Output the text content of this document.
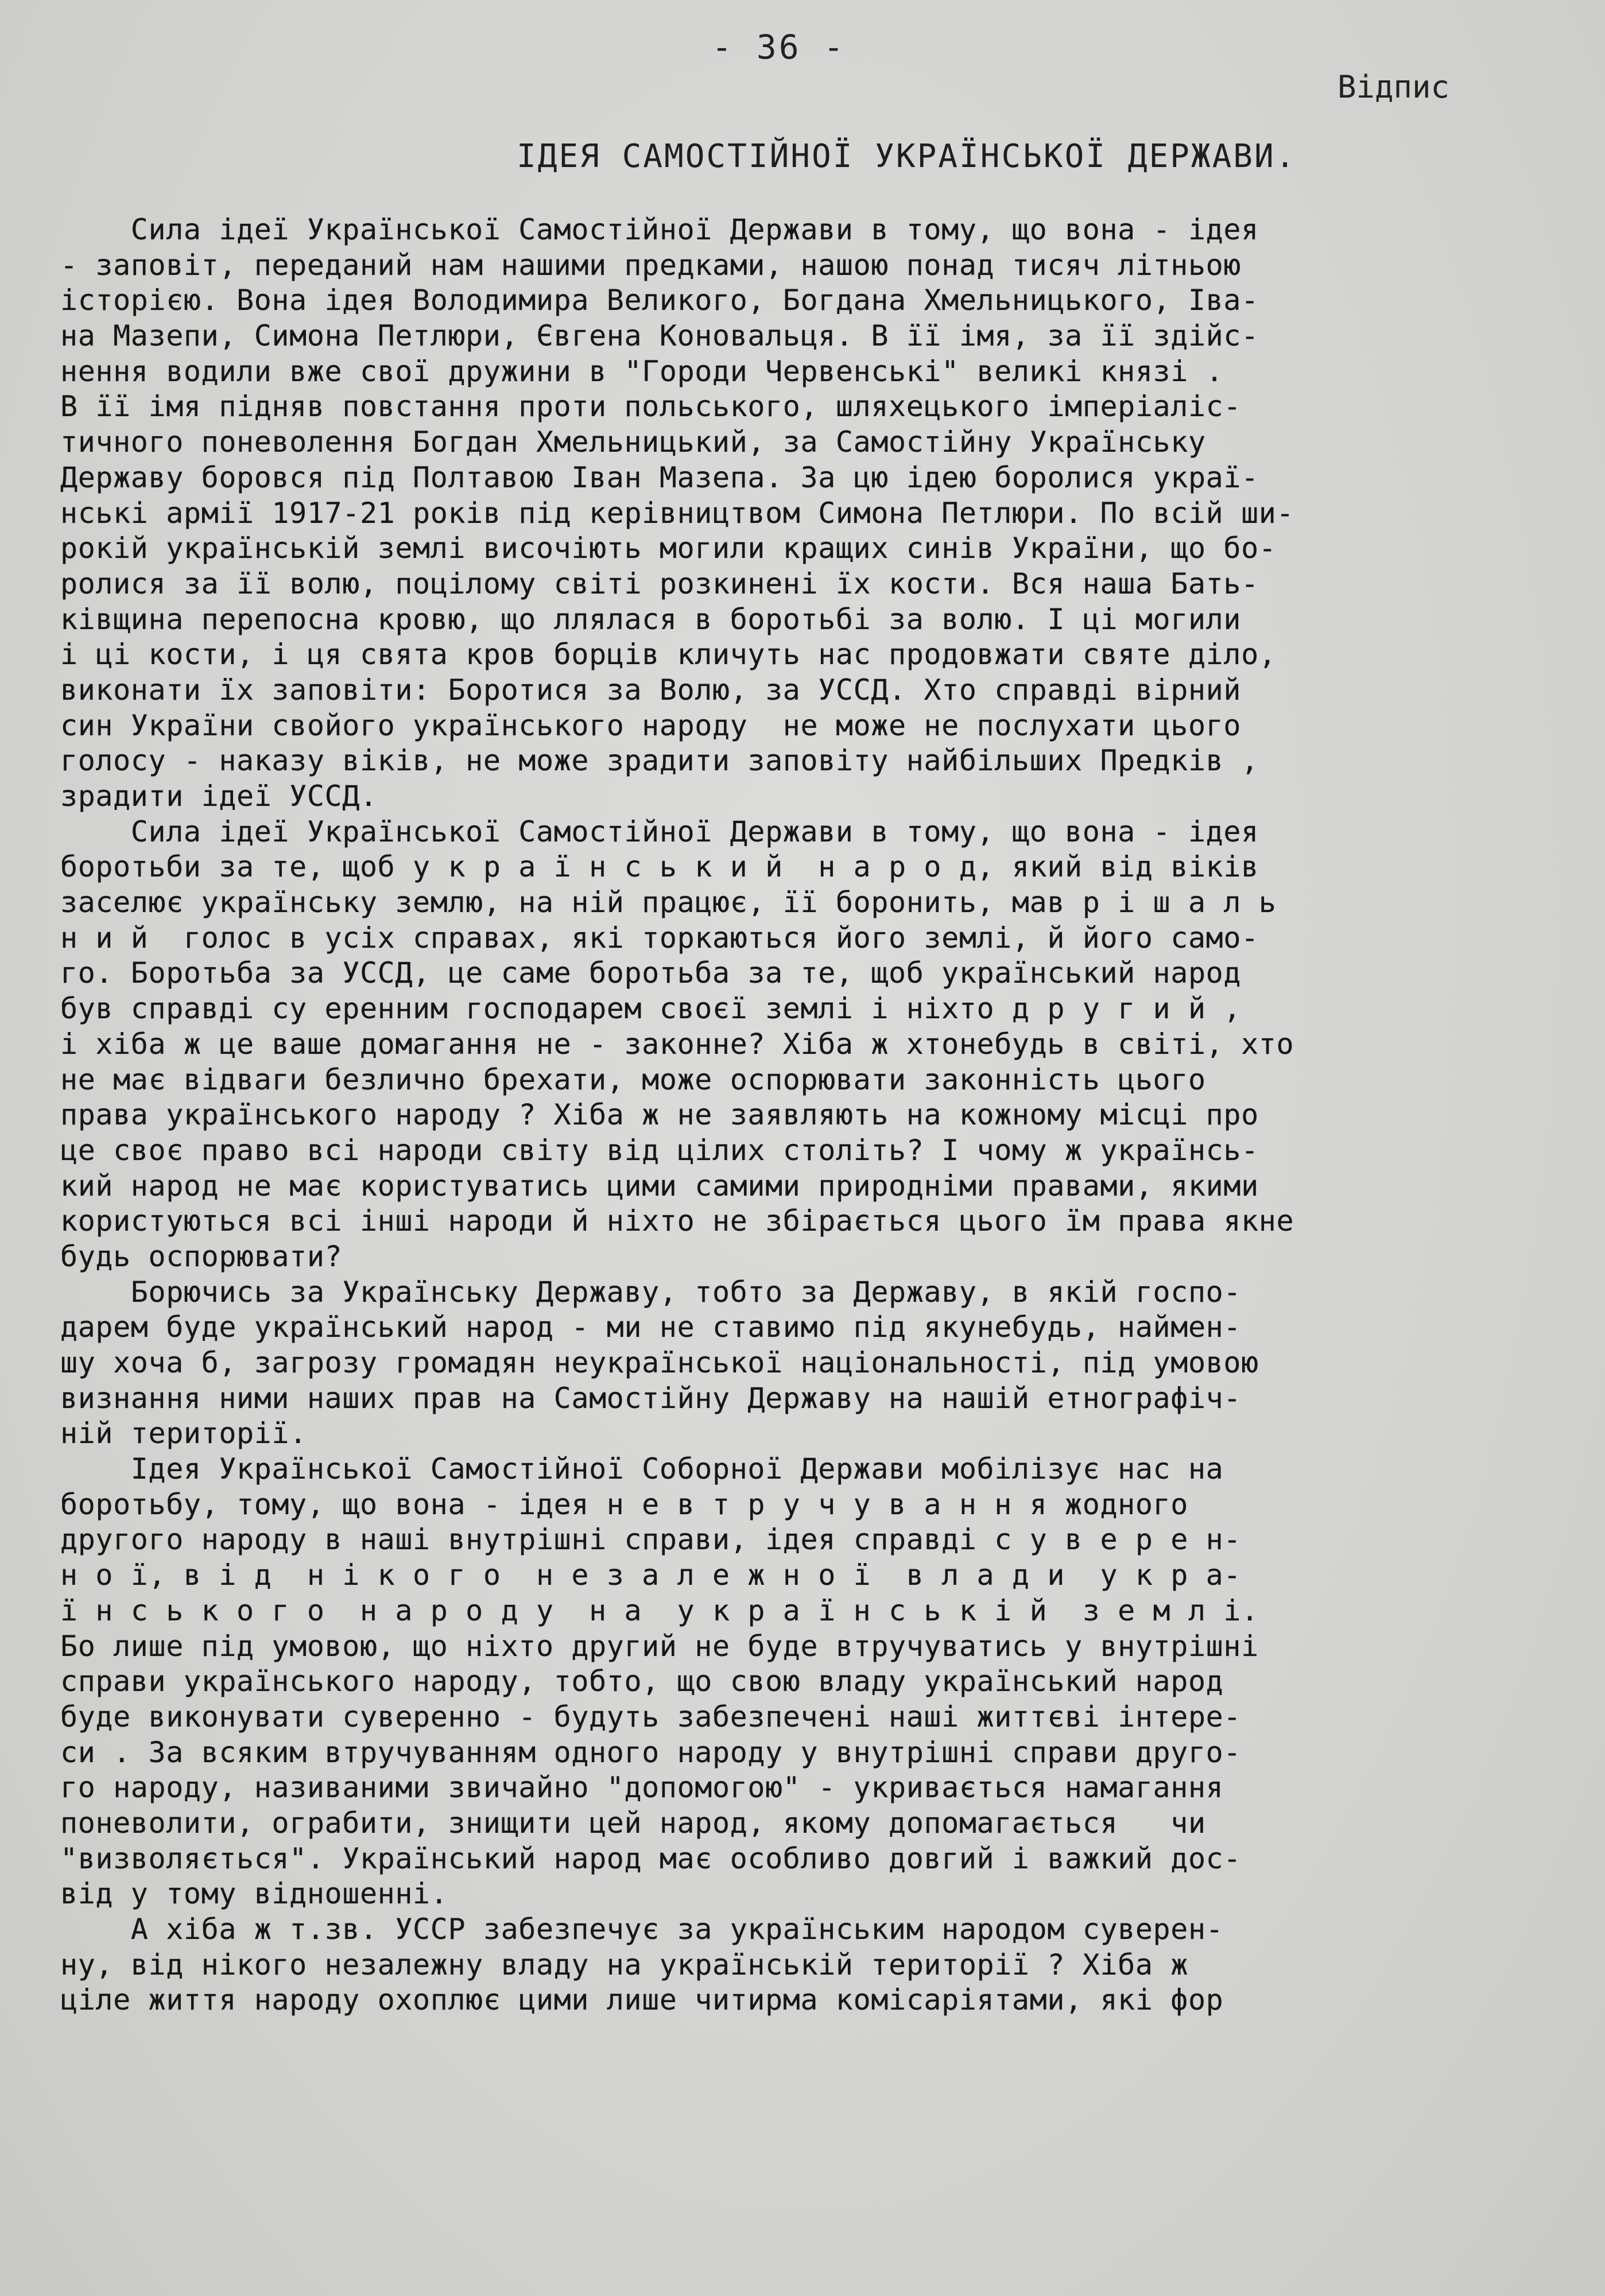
- 36 -
Відпис
ІДЕЯ САМОСТІЙНОЇ УКРАЇНСЬКОЇ ДЕРЖАВИ.
Сила ідеї Української Самостійної Держави в тому, що вона - ідея
- заповіт, переданий нам нашими предками, нашою понад тисяч літньою
історією. Вона ідея Володимира Великого, Богдана Хмельницького, Іва-
на Мазепи, Симона Петлюри, Євгена Коновальця. В її імя, за її здійс-
нення водили вже свої дружини в "Городи Червенські" великі князі .
В її імя підняв повстання проти польського, шляхецького імперіаліс-
тичного поневолення Богдан Хмельницький, за Самостійну Українську
Державу боровся під Полтавою Іван Мазепа. За цю ідею боролися украї-
нські армії 1917-21 років під керівництвом Симона Петлюри. По всій ши-
рокій українській землі височіють могили кращих синів України, що бо-
ролися за її волю, поцілому світі розкинені їх кости. Вся наша Бать-
ківщина перепосна кровю, що ллялася в боротьбі за волю. І ці могили
і ці кости, і ця свята кров борців кличуть нас продовжати святе діло,
виконати їх заповіти: Боротися за Волю, за УССД. Хто справді вірний
син України свойого українського народу  не може не послухати цього
голосу - наказу віків, не може зрадити заповіту найбільших Предків ,
зрадити ідеї УССД.
Сила ідеї Української Самостійної Держави в тому, що вона - ідея
боротьби за те, щоб у к р а ї н с ь к и й  н а р о д, який від віків
заселює українську землю, на ній працює, її боронить, мав р і ш а л ь
н и й  голос в усіх справах, які торкаються його землі, й його само-
го. Боротьба за УССД, це саме боротьба за те, щоб український народ
був справді су еренним господарем своєї землі і ніхто д р у г и й ,
і хіба ж це ваше домагання не - законне? Хіба ж хтонебудь в світі, хто
не має відваги безлично брехати, може оспорювати законність цього
права українського народу ? Хіба ж не заявляють на кожному місці про
це своє право всі народи світу від цілих століть? І чому ж українсь-
кий народ не має користуватись цими самими природніми правами, якими
користуються всі інші народи й ніхто не збірається цього їм права якне
будь оспорювати?
Борючись за Українську Державу, тобто за Державу, в якій госпо-
дарем буде український народ - ми не ставимо під якунебудь, наймен-
шу хоча б, загрозу громадян неукраїнської національності, під умовою
визнання ними наших прав на Самостійну Державу на нашій етнографіч-
ній території.
Ідея Української Самостійної Соборної Держави мобілізує нас на
боротьбу, тому, що вона - ідея н е в т р у ч у в а н н я жодного
другого народу в наші внутрішні справи, ідея справді с у в е р е н-
н о ї, в і д  н і к о г о  н е з а л е ж н о ї  в л а д и  у к р а-
ї н с ь к о г о  н а р о д у  н а  у к р а ї н с ь к і й  з е м л і.
Бо лише під умовою, що ніхто другий не буде втручуватись у внутрішні
справи українського народу, тобто, що свою владу український народ
буде виконувати суверенно - будуть забезпечені наші життєві інтере-
си . За всяким втручуванням одного народу у внутрішні справи друго-
го народу, називаними звичайно "допомогою" - укривається намагання
поневолити, ограбити, знищити цей народ, якому допомагається   чи
"визволяється". Український народ має особливо довгий і важкий дос-
від у тому відношенні.
А хіба ж т.зв. УССР забезпечує за українським народом суверен-
ну, від нікого незалежну владу на українській території ? Хіба ж
ціле життя народу охоплює цими лише читирма комісаріятами, які фор
